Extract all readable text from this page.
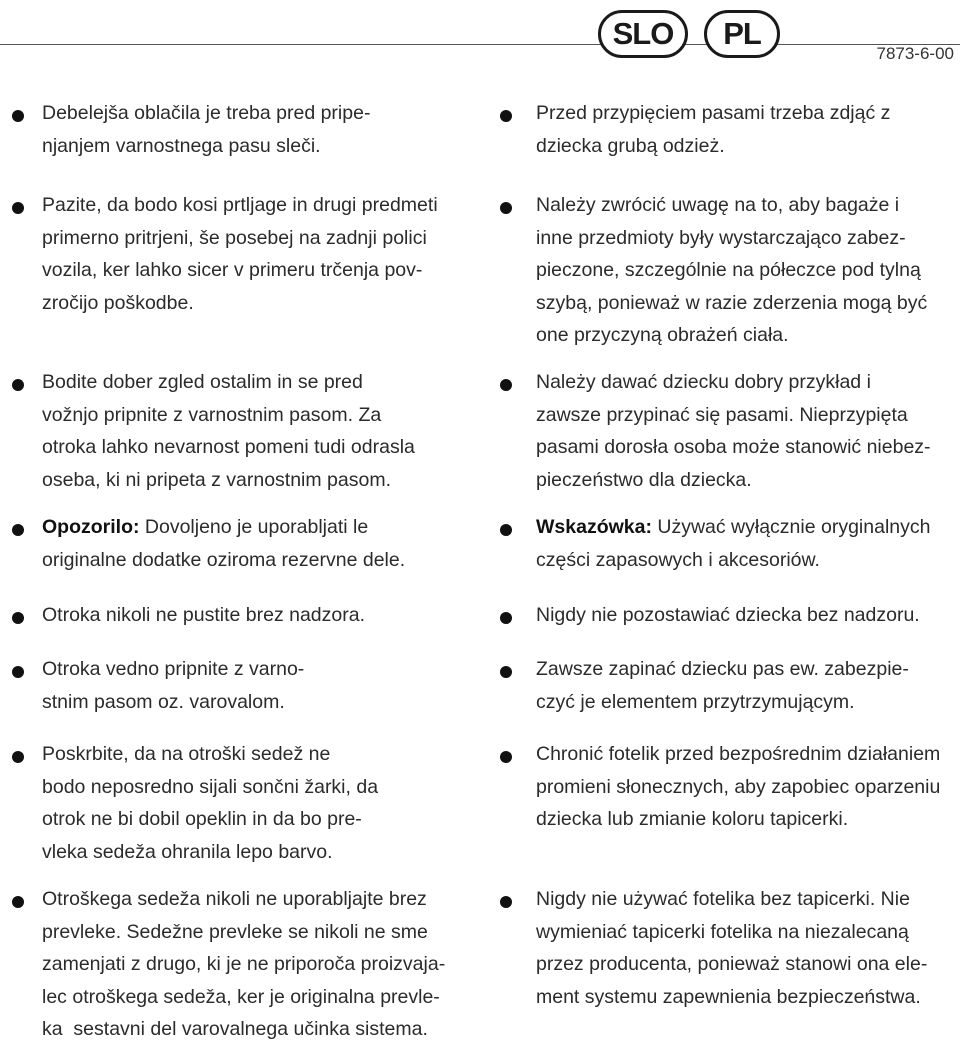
SLO	PL
7873-6-00
Debelejša oblačila je treba pred pripe-
njanjem varnostnega pasu sleči.
Pazite, da bodo kosi prtljage in drugi predmeti
primerno pritrjeni, še posebej na zadnji polici
vozila, ker lahko sicer v primeru trčenja pov-
zročijo poškodbe.
Bodite dober zgled ostalim in se pred
vožnjo pripnite z varnostnim pasom. Za
otroka lahko nevarnost pomeni tudi odrasla
oseba, ki ni pripeta z varnostnim pasom.
Opozorilo: Dovoljeno je uporabljati le
originalne dodatke oziroma rezervne dele.
Otroka nikoli ne pustite brez nadzora.
Otroka vedno pripnite z varno-
stnim pasom oz. varovalom.
Poskrbite, da na otroški sedež ne
bodo neposredno sijali sončni žarki, da
otrok ne bi dobil opeklin in da bo pre-
vleka sedeža ohranila lepo barvo.
Otroškega sedeža nikoli ne uporabljajte brez
prevleke. Sedežne prevleke se nikoli ne sme
zamenjati z drugo, ki je ne priporoča proizvaja-
lec otroškega sedeža, ker je originalna prevle-
ka  sestavni del varovalnega učinka sistema.
Przed przypięciem pasami trzeba zdjąć z
dziecka grubą odzież.
Należy zwrócić uwagę na to, aby bagaże i
inne przedmioty były wystarczająco zabez-
pieczone, szczególnie na półeczce pod tylną
szybą, ponieważ w razie zderzenia mogą być
one przyczyną obrażeń ciała.
Należy dawać dziecku dobry przykład i
zawsze przypinać się pasami. Nieprzypięta
pasami dorosła osoba może stanowić niebez-
pieczeństwo dla dziecka.
Wskazówka: Używać wyłącznie oryginalnych
części zapasowych i akcesoriów.
Nigdy nie pozostawiać dziecka bez nadzoru.
Zawsze zapinać dziecku pas ew. zabezpie-
czyć je elementem przytrzymującym.
Chronić fotelik przed bezpośrednim działaniem
promieni słonecznych, aby zapobiec oparzeniu
dziecka lub zmianie koloru tapicerki.
Nigdy nie używać fotelika bez tapicerki. Nie
wymieniać tapicerki fotelika na niezalecaną
przez producenta, ponieważ stanowi ona ele-
ment systemu zapewnienia bezpieczeństwa.
